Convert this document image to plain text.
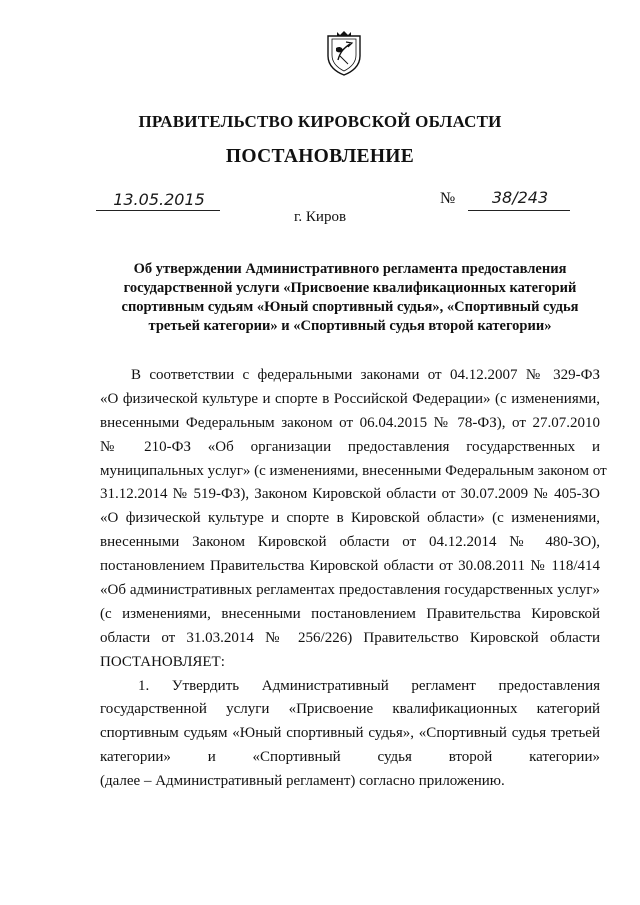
ПРАВИТЕЛЬСТВО КИРОВСКОЙ ОБЛАСТИ
ПОСТАНОВЛЕНИЕ
13.05.2015	№	38/243
г. Киров
Об утверждении Административного регламента предоставления
государственной услуги «Присвоение квалификационных категорий
спортивным судьям «Юный спортивный судья», «Спортивный судья
третьей категории» и «Спортивный судья второй категории»
В соответствии с федеральными законами от 04.12.2007 № 329-ФЗ
«О физической культуре и спорте в Российской Федерации» (с изменениями,
внесенными Федеральным законом от 06.04.2015 № 78-ФЗ), от 27.07.2010
№ 210-ФЗ «Об организации предоставления государственных и
муниципальных услуг» (с изменениями, внесенными Федеральным законом от
31.12.2014 № 519-ФЗ), Законом Кировской области от 30.07.2009 № 405-ЗО
«О физической культуре и спорте в Кировской области» (с изменениями,
внесенными Законом Кировской области от 04.12.2014 № 480-ЗО),
постановлением Правительства Кировской области от 30.08.2011 № 118/414
«Об административных регламентах предоставления государственных услуг»
(с изменениями, внесенными постановлением Правительства Кировской
области от 31.03.2014 № 256/226) Правительство Кировской области
ПОСТАНОВЛЯЕТ:
1. Утвердить Административный регламент предоставления
государственной услуги «Присвоение квалификационных категорий
спортивным судьям «Юный спортивный судья», «Спортивный судья третьей
категории» и «Спортивный судья второй категории»
(далее – Административный регламент) согласно приложению.
